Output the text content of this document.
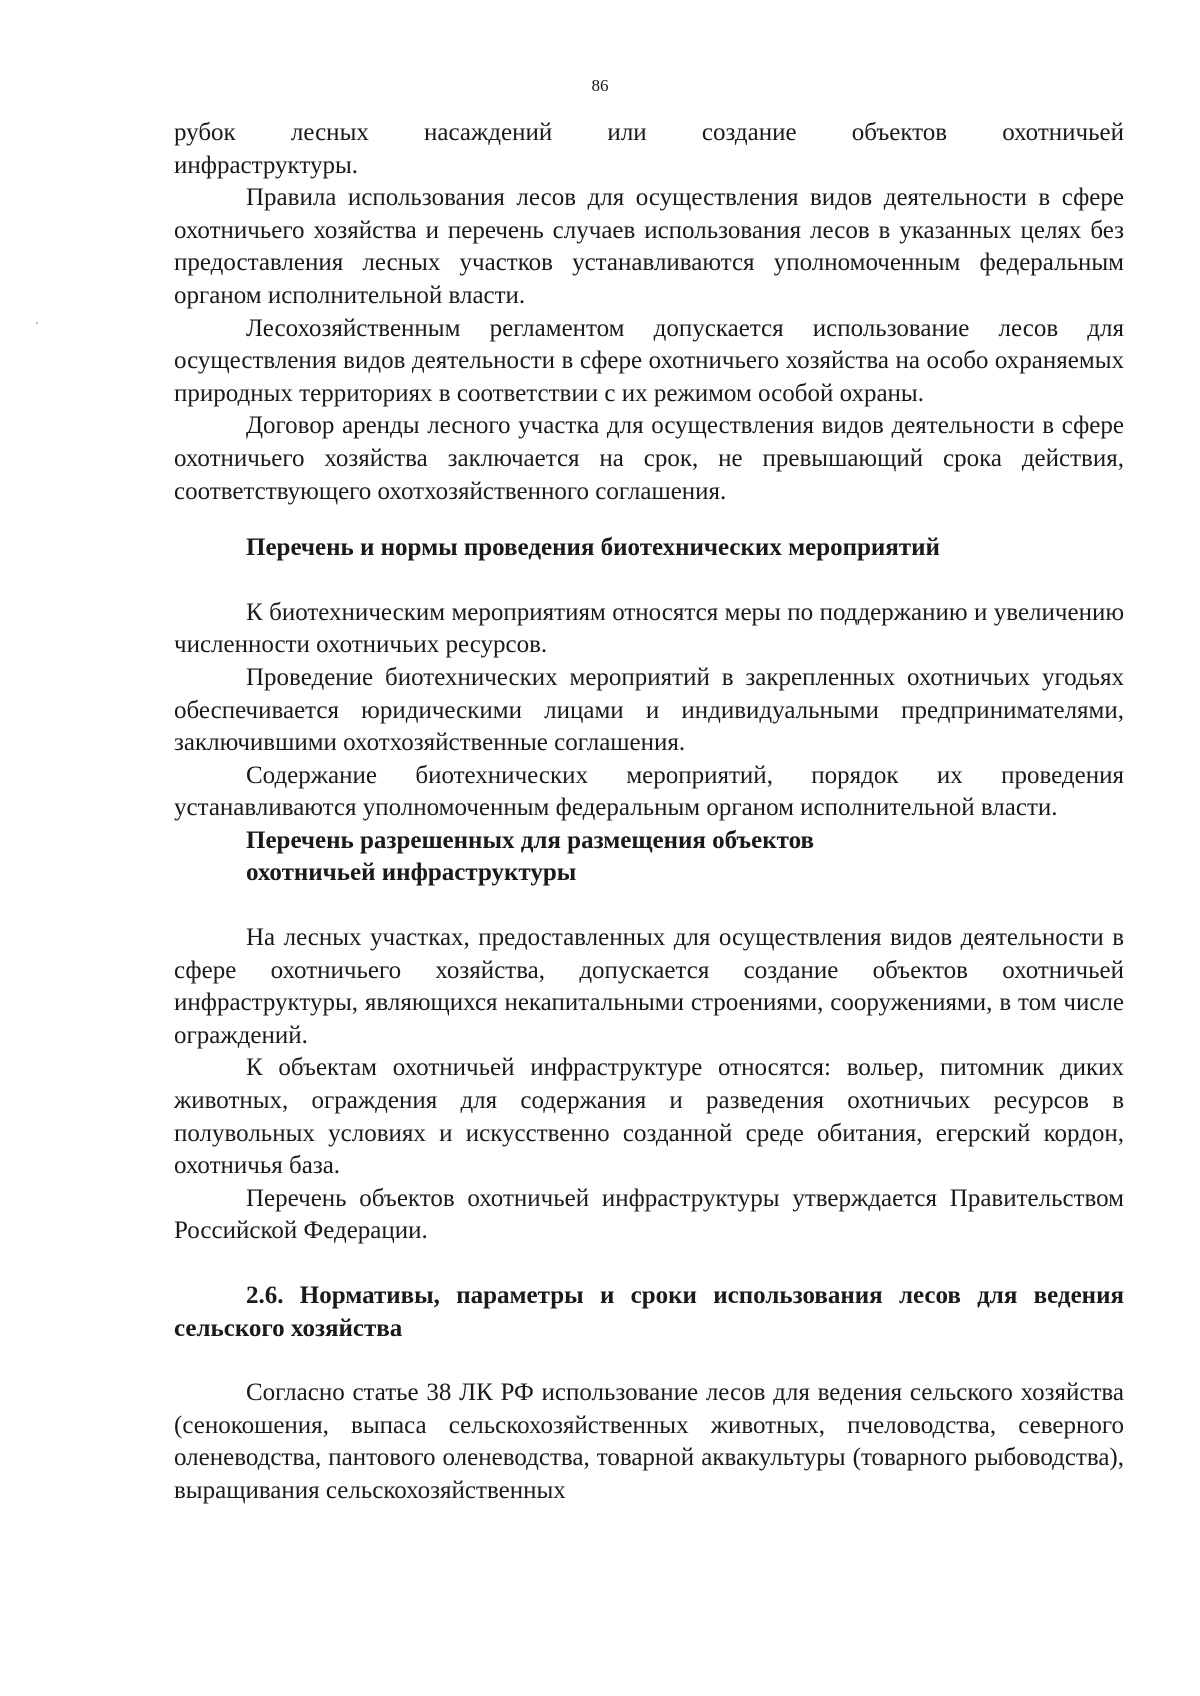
86

рубок лесных насаждений или создание объектов охотничьей

инфраструктуры.

Правила использования лесов для осуществления видов деятельности в сфере охотничьего хозяйства и перечень случаев использования лесов в указанных целях без предоставления лесных участков устанавливаются уполномоченным федеральным органом исполнительной власти.

Лесохозяйственным регламентом допускается использование лесов для осуществления видов деятельности в сфере охотничьего хозяйства на особо охраняемых природных территориях в соответствии с их режимом особой охраны.

Договор аренды лесного участка для осуществления видов деятельности в сфере охотничьего хозяйства заключается на срок, не превышающий срока действия, соответствующего охотхозяйственного соглашения.

Перечень и нормы проведения биотехнических мероприятий

К биотехническим мероприятиям относятся меры по поддержанию и увеличению численности охотничьих ресурсов.

Проведение биотехнических мероприятий в закрепленных охотничьих угодьях обеспечивается юридическими лицами и индивидуальными предпринимателями, заключившими охотхозяйственные соглашения.

Содержание биотехнических мероприятий, порядок их проведения устанавливаются уполномоченным федеральным органом исполнительной власти.

Перечень разрешенных для размещения объектов
охотничьей инфраструктуры

На лесных участках, предоставленных для осуществления видов деятельности в сфере охотничьего хозяйства, допускается создание объектов охотничьей инфраструктуры, являющихся некапитальными строениями, сооружениями, в том числе ограждений.

К объектам охотничьей инфраструктуре относятся: вольер, питомник диких животных, ограждения для содержания и разведения охотничьих ресурсов в полувольных условиях и искусственно созданной среде обитания, егерский кордон, охотничья база.

Перечень объектов охотничьей инфраструктуры утверждается Правительством Российской Федерации.

2.6. Нормативы, параметры и сроки использования лесов для ведения сельского хозяйства

Согласно статье 38 ЛК РФ использование лесов для ведения сельского хозяйства (сенокошения, выпаса сельскохозяйственных животных, пчеловодства, северного оленеводства, пантового оленеводства, товарной аквакультуры (товарного рыбоводства), выращивания сельскохозяйственных
